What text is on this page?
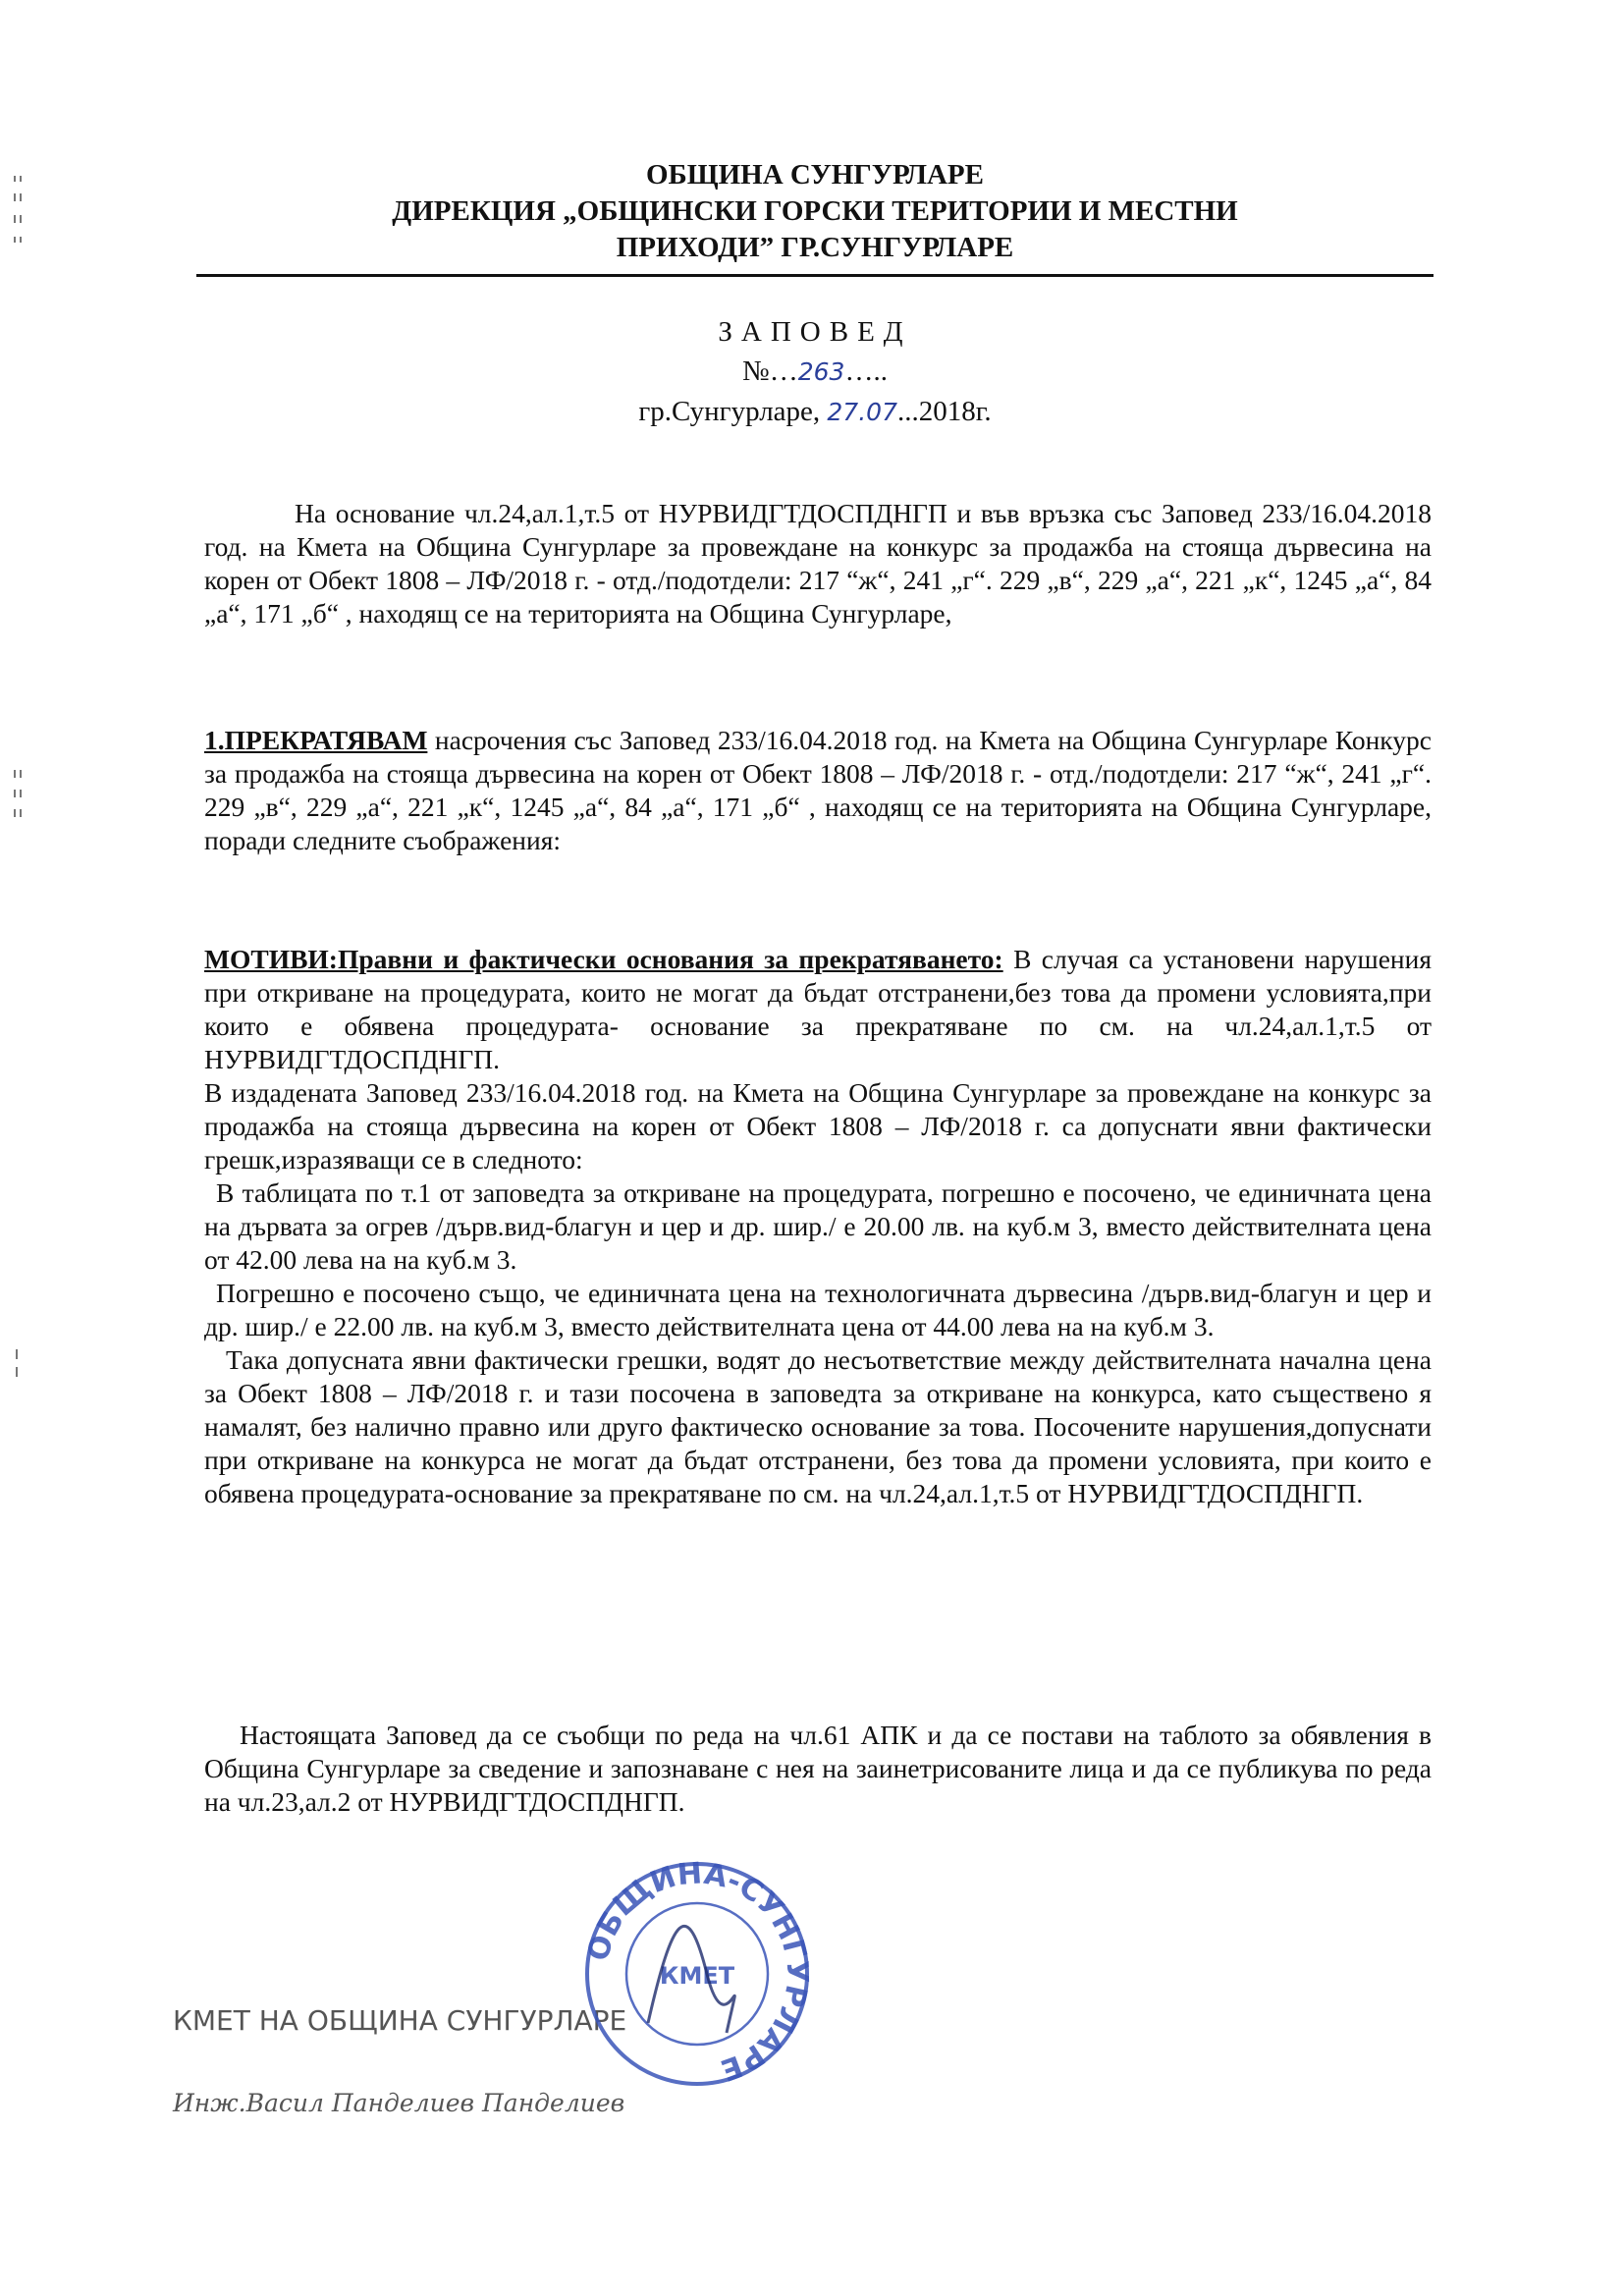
ОБЩИНА СУНГУРЛАРЕ
ДИРЕКЦИЯ „ОБЩИНСКИ ГОРСКИ ТЕРИТОРИИ И МЕСТНИ
ПРИХОДИ” ГР.СУНГУРЛАРЕ
ЗАПОВЕД
№…263…..
гр.Сунгурларе, 27.07...2018г.

На основание чл.24,ал.1,т.5 от НУРВИДГТДОСПДНГП и във връзка със Заповед 233/16.04.2018 год. на Кмета на Община Сунгурларе за провеждане на конкурс за продажба на стояща дървесина на корен от Обект 1808 – ЛФ/2018 г. - отд./подотдели: 217 “ж“, 241 „г“. 229 „в“, 229 „а“, 221 „к“, 1245 „а“, 84 „а“, 171 „б“ , находящ се на територията на Община Сунгурларе,

1.ПРЕКРАТЯВАМ насрочения със Заповед 233/16.04.2018 год. на Кмета на Община Сунгурларе Конкурс за продажба на стояща дървесина на корен от Обект 1808 – ЛФ/2018 г. - отд./подотдели: 217 “ж“, 241 „г“. 229 „в“, 229 „а“, 221 „к“, 1245 „а“, 84 „а“, 171 „б“ , находящ се на територията на Община Сунгурларе, поради следните съображения:

МОТИВИ:Правни и фактически основания за прекратяването: В случая са установени нарушения при откриване на процедурата, които не могат да бъдат отстранени,без това да промени условията,при които е обявена процедурата- основание за прекратяване по см. на чл.24,ал.1,т.5 от НУРВИДГТДОСПДНГП.

В издадената Заповед 233/16.04.2018 год. на Кмета на Община Сунгурларе за провеждане на конкурс за продажба на стояща дървесина на корен от Обект 1808 – ЛФ/2018 г. са допуснати явни фактически грешк,изразяващи се в следното:

В таблицата по т.1 от заповедта за откриване на процедурата, погрешно е посочено, че единичната цена на дървата за огрев /дърв.вид-благун и цер и др. шир./ е 20.00 лв. на куб.м 3, вместо действителната цена от 42.00 лева на на куб.м 3.

Погрешно е посочено също, че единичната цена на технологичната дървесина /дърв.вид-благун и цер и др. шир./ е 22.00 лв. на куб.м 3, вместо действителната цена от 44.00 лева на на куб.м 3.

Така допусната явни фактически грешки, водят до несъответствие между действителната начална цена за Обект 1808 – ЛФ/2018 г. и тази посочена в заповедта за откриване на конкурса, като съществено я намалят, без налично правно или друго фактическо основание за това. Посочените нарушения,допуснати при откриване на конкурса не могат да бъдат отстранени, без това да промени условията, при които е обявена процедурата-основание за прекратяване по см. на чл.24,ал.1,т.5 от НУРВИДГТДОСПДНГП.

Настоящата Заповед да се съобщи по реда на чл.61 АПК и да се постави на таблото за обявления в Община Сунгурларе за сведение и запознаване с нея на заинетрисованите лица и да се публикува по реда на чл.23,ал.2 от НУРВИДГТДОСПДНГП.

КМЕТ НА ОБЩИНА СУНГУРЛАРЕ
Инж.Васил Панделиев Панделиев
ОБЩИНА-СУНГУРЛАРЕ
КМЕТ
